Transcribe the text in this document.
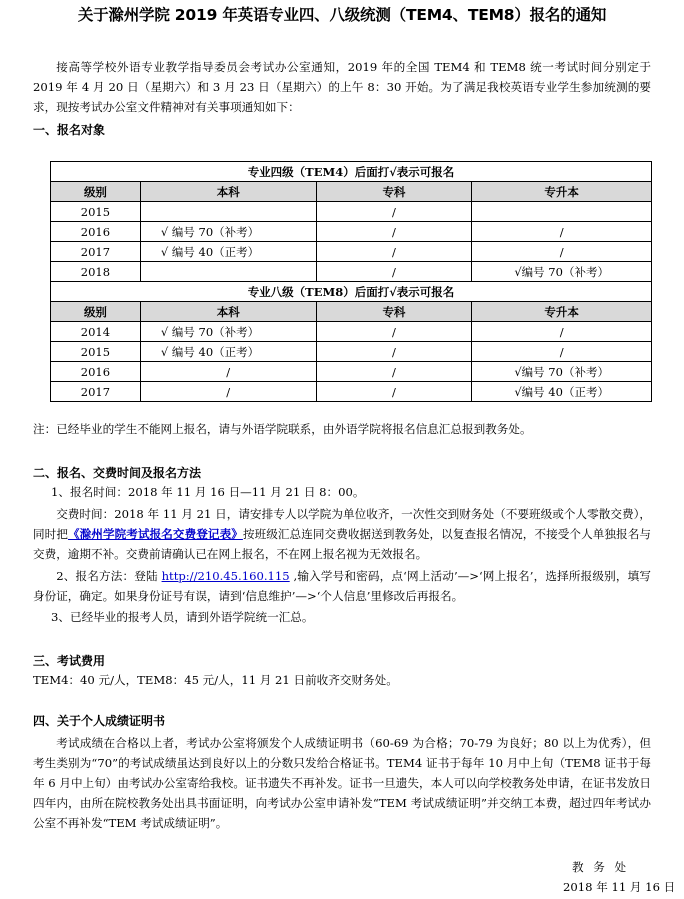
关于滁州学院 2019 年英语专业四、八级统测（TEM4、TEM8）报名的通知
接高等学校外语专业教学指导委员会考试办公室通知，2019 年的全国 TEM4 和 TEM8 统一考试时间分别定于 2019 年 4 月 20 日（星期六）和 3 月 23 日（星期六）的上午 8：30 开始。为了满足我校英语专业学生参加统测的要求，现按考试办公室文件精神对有关事项通知如下：
一、报名对象
专业四级（TEM4）后面打√表示可报名			
级别	本科	专科	专升本
2015		/	
2016	√ 编号 70（补考）	/	/
2017	√ 编号 40（正考）	/	/
2018		/	√编号 70（补考）
专业八级（TEM8）后面打√表示可报名			
级别	本科	专科	专升本
2014	√ 编号 70（补考）	/	/
2015	√ 编号 40（正考）	/	/
2016	/	/	√编号 70（补考）
2017	/	/	√编号 40（正考）
注：已经毕业的学生不能网上报名，请与外语学院联系，由外语学院将报名信息汇总报到教务处。
二、报名、交费时间及报名方法
1、报名时间：2018 年 11 月 16 日—11 月 21 日 8：00。
交费时间：2018 年 11 月 21 日，请安排专人以学院为单位收齐，一次性交到财务处（不要班级或个人零散交费），同时把《滁州学院考试报名交费登记表》按班级汇总连同交费收据送到教务处，以复查报名情况，不接受个人单独报名与交费，逾期不补。交费前请确认已在网上报名，不在网上报名视为无效报名。
2、报名方法：登陆 http://210.45.160.115 ,输入学号和密码，点‘网上活动’—>‘网上报名’，选择所报级别，填写身份证，确定。如果身份证号有误，请到‘信息维护’—>‘个人信息’里修改后再报名。
3、已经毕业的报考人员，请到外语学院统一汇总。
三、考试费用
TEM4：40 元/人，TEM8：45 元/人，11 月 21 日前收齐交财务处。
四、关于个人成绩证明书
考试成绩在合格以上者，考试办公室将颁发个人成绩证明书（60-69 为合格；70-79 为良好；80 以上为优秀），但考生类别为“70”的考试成绩虽达到良好以上的分数只发给合格证书。TEM4 证书于每年 10 月中上旬（TEM8 证书于每年 6 月中上旬）由考试办公室寄给我校。证书遗失不再补发。证书一旦遗失，本人可以向学校教务处申请，在证书发放日四年内，由所在院校教务处出具书面证明，向考试办公室申请补发“TEM 考试成绩证明”并交纳工本费，超过四年考试办公室不再补发“TEM 考试成绩证明”。
教 务 处
2018 年 11 月 16 日
